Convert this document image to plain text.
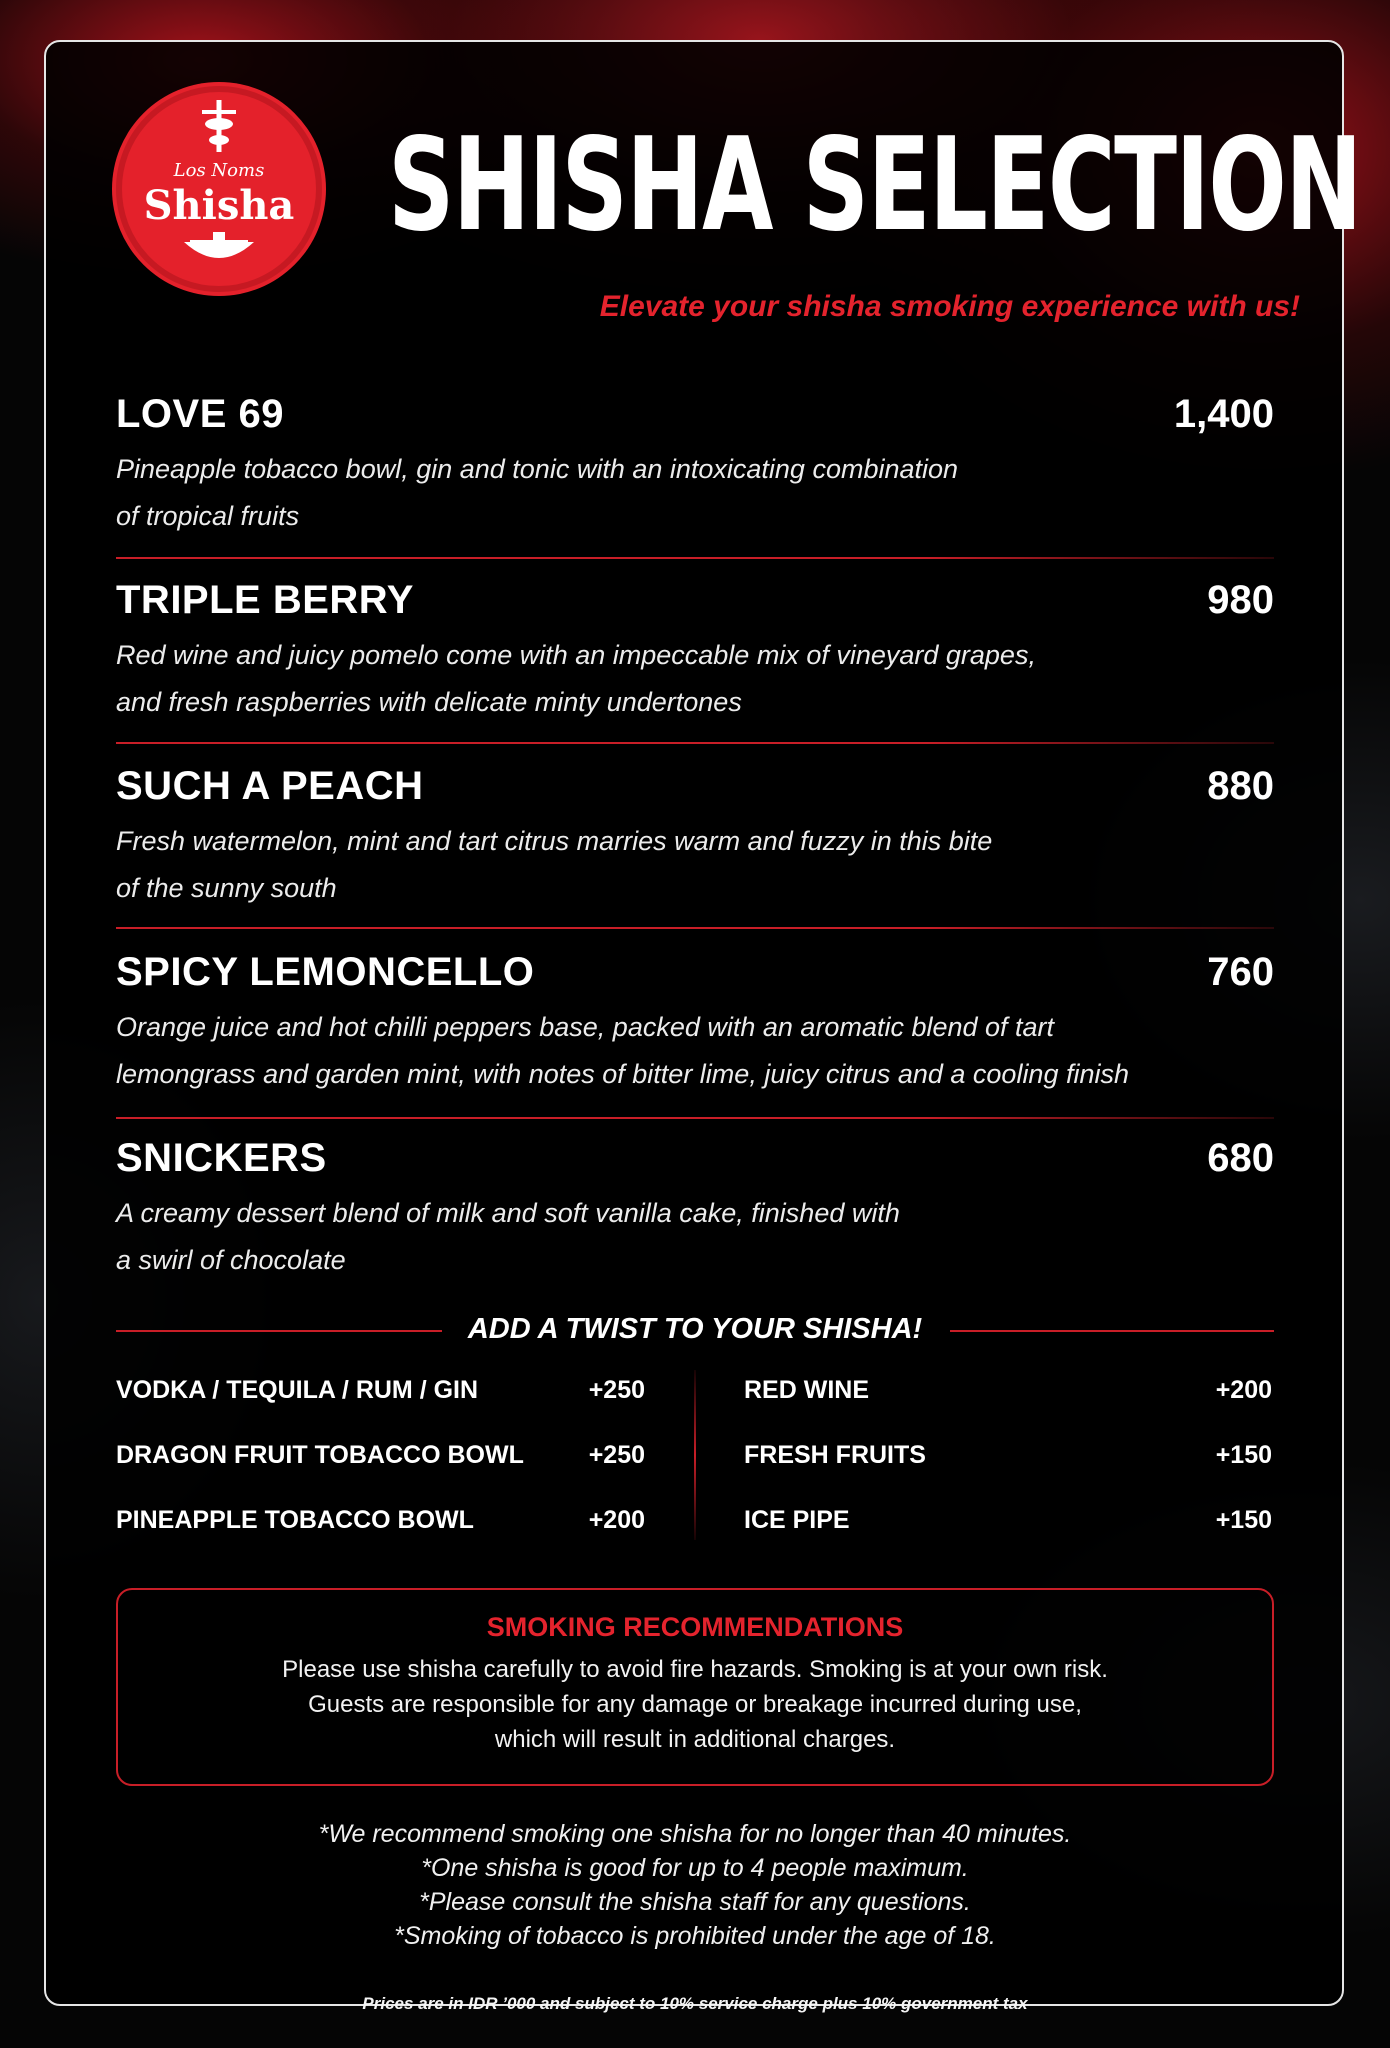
Los Noms
Shisha SHISHA SELECTION
Elevate your shisha smoking experience with us!
LOVE 69	1,400
Pineapple tobacco bowl, gin and tonic with an intoxicating combination
of tropical fruits
TRIPLE BERRY	980
Red wine and juicy pomelo come with an impeccable mix of vineyard grapes,
and fresh raspberries with delicate minty undertones
SUCH A PEACH	880
Fresh watermelon, mint and tart citrus marries warm and fuzzy in this bite
of the sunny south
SPICY LEMONCELLO	760
Orange juice and hot chilli peppers base, packed with an aromatic blend of tart
lemongrass and garden mint, with notes of bitter lime, juicy citrus and a cooling finish
SNICKERS	680
A creamy dessert blend of milk and soft vanilla cake, finished with
a swirl of chocolate
ADD A TWIST TO YOUR SHISHA!
VODKA / TEQUILA / RUM / GIN	+250
DRAGON FRUIT TOBACCO BOWL	+250
PINEAPPLE TOBACCO BOWL	+200
RED WINE	+200
FRESH FRUITS	+150
ICE PIPE	+150
SMOKING RECOMMENDATIONS
Please use shisha carefully to avoid fire hazards. Smoking is at your own risk.
Guests are responsible for any damage or breakage incurred during use,
which will result in additional charges.
*We recommend smoking one shisha for no longer than 40 minutes.
*One shisha is good for up to 4 people maximum.
*Please consult the shisha staff for any questions.
*Smoking of tobacco is prohibited under the age of 18.
Prices are in IDR ’000 and subject to 10% service charge plus 10% government tax
